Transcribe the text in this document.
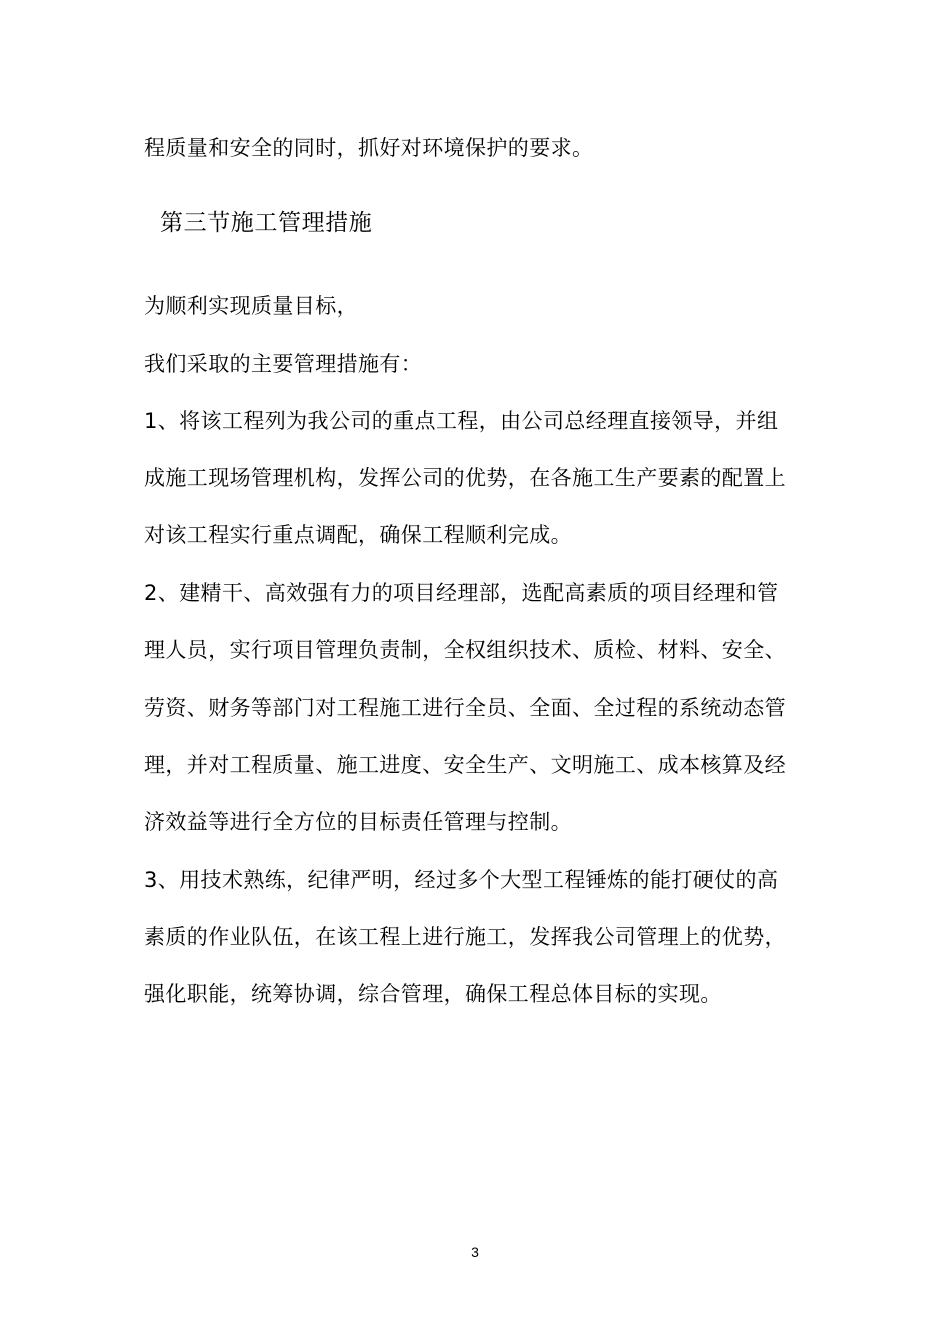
程质量和安全的同时，抓好对环境保护的要求。
第三节施工管理措施
为顺利实现质量目标，
我们采取的主要管理措施有：
1、将该工程列为我公司的重点工程，由公司总经理直接领导，并组
成施工现场管理机构，发挥公司的优势，在各施工生产要素的配置上
对该工程实行重点调配，确保工程顺利完成。
2、建精干、高效强有力的项目经理部，选配高素质的项目经理和管
理人员，实行项目管理负责制，全权组织技术、质检、材料、安全、
劳资、财务等部门对工程施工进行全员、全面、全过程的系统动态管
理，并对工程质量、施工进度、安全生产、文明施工、成本核算及经
济效益等进行全方位的目标责任管理与控制。
3、用技术熟练，纪律严明，经过多个大型工程锤炼的能打硬仗的高
素质的作业队伍，在该工程上进行施工，发挥我公司管理上的优势，
强化职能，统筹协调，综合管理，确保工程总体目标的实现。
3
